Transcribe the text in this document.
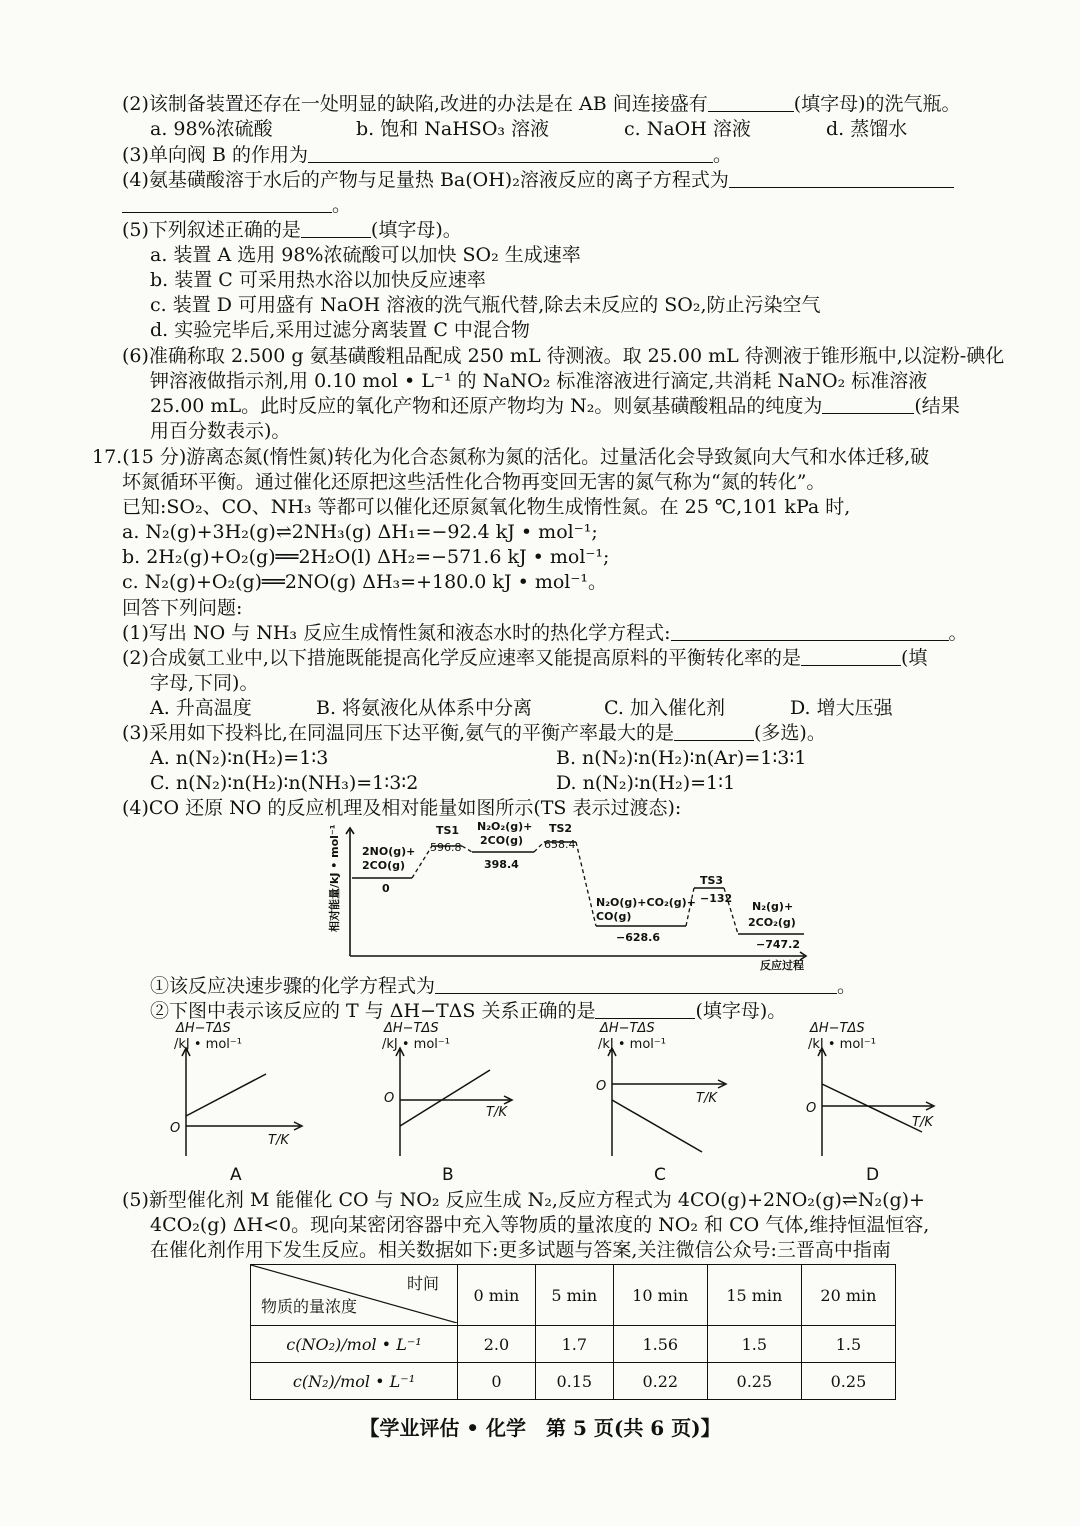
(2)该制备装置还存在一处明显的缺陷,改进的办法是在 AB 间连接盛有	(填字母)的洗气瓶。
a. 98%浓硫酸	b. 饱和 NaHSO₃ 溶液	c. NaOH 溶液	d. 蒸馏水
(3)单向阀 B 的作用为	。
(4)氨基磺酸溶于水后的产物与足量热 Ba(OH)₂溶液反应的离子方程式为
。
(5)下列叙述正确的是	(填字母)。
a. 装置 A 选用 98%浓硫酸可以加快 SO₂ 生成速率
b. 装置 C 可采用热水浴以加快反应速率
c. 装置 D 可用盛有 NaOH 溶液的洗气瓶代替,除去未反应的 SO₂,防止污染空气
d. 实验完毕后,采用过滤分离装置 C 中混合物
(6)准确称取 2.500 g 氨基磺酸粗品配成 250 mL 待测液。取 25.00 mL 待测液于锥形瓶中,以淀粉-碘化
钾溶液做指示剂,用 0.10 mol • L⁻¹ 的 NaNO₂ 标准溶液进行滴定,共消耗 NaNO₂ 标准溶液
25.00 mL。此时反应的氧化产物和还原产物均为 N₂。则氨基磺酸粗品的纯度为	(结果
用百分数表示)。
17.(15 分)游离态氮(惰性氮)转化为化合态氮称为氮的活化。过量活化会导致氮向大气和水体迁移,破
坏氮循环平衡。通过催化还原把这些活性化合物再变回无害的氮气称为“氮的转化”。
已知:SO₂、CO、NH₃ 等都可以催化还原氮氧化物生成惰性氮。在 25 ℃,101 kPa 时,
a. N₂(g)+3H₂(g)⇌2NH₃(g) ΔH₁=−92.4 kJ • mol⁻¹;
b. 2H₂(g)+O₂(g)══2H₂O(l) ΔH₂=−571.6 kJ • mol⁻¹;
c. N₂(g)+O₂(g)══2NO(g) ΔH₃=+180.0 kJ • mol⁻¹。
回答下列问题:
(1)写出 NO 与 NH₃ 反应生成惰性氮和液态水时的热化学方程式:	。
(2)合成氨工业中,以下措施既能提高化学反应速率又能提高原料的平衡转化率的是	(填
字母,下同)。
A. 升高温度	B. 将氨液化从体系中分离	C. 加入催化剂	D. 增大压强
(3)采用如下投料比,在同温同压下达平衡,氨气的平衡产率最大的是	(多选)。
A. n(N₂)∶n(H₂)=1∶3	B. n(N₂)∶n(H₂)∶n(Ar)=1∶3∶1
C. n(N₂)∶n(H₂)∶n(NH₃)=1∶3∶2	D. n(N₂)∶n(H₂)=1∶1
(4)CO 还原 NO 的反应机理及相对能量如图所示(TS 表示过渡态):
相对能量/kJ • mol⁻¹
反应过程
2NO(g)+
2CO(g)
0
TS1
596.8
N₂O₂(g)+
2CO(g)
398.4
TS2
658.4
N₂O(g)+CO₂(g)+
CO(g)
−628.6
TS3
−132
N₂(g)+
2CO₂(g)
−747.2
①该反应决速步骤的化学方程式为	。
②下图中表示该反应的 T 与 ΔH−TΔS 关系正确的是	(填字母)。
ΔH−TΔS
/kJ • mol⁻¹
O
T/K
A
ΔH−TΔS
/kJ • mol⁻¹
O
T/K
B
ΔH−TΔS
/kJ • mol⁻¹
O
T/K
C
ΔH−TΔS
/kJ • mol⁻¹
O
T/K
D
(5)新型催化剂 M 能催化 CO 与 NO₂ 反应生成 N₂,反应方程式为 4CO(g)+2NO₂(g)⇌N₂(g)+
4CO₂(g) ΔH<0。现向某密闭容器中充入等物质的量浓度的 NO₂ 和 CO 气体,维持恒温恒容,
在催化剂作用下发生反应。相关数据如下:更多试题与答案,关注微信公众号:三晋高中指南
时间
物质的量浓度	0 min	5 min	10 min	15 min	20 min
c(NO₂)/mol • L⁻¹	2.0	1.7	1.56	1.5	1.5
c(N₂)/mol • L⁻¹	0	0.15	0.22	0.25	0.25
【学业评估 • 化学　第 5 页(共 6 页)】
